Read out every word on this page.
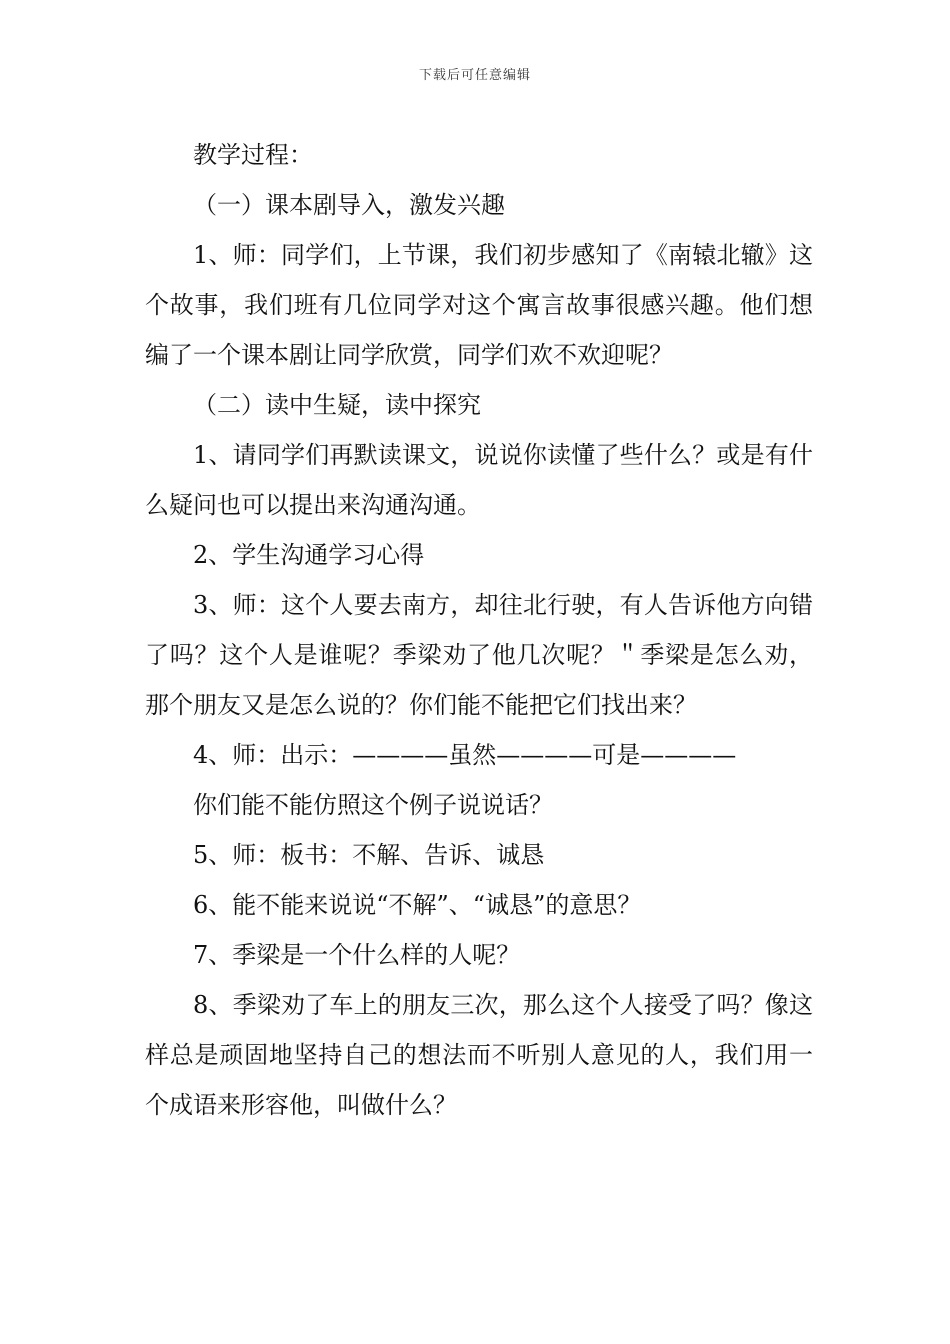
下载后可任意编辑

教学过程：

（一）课本剧导入，激发兴趣

1、师：同学们，上节课，我们初步感知了《南辕北辙》这个故事，我们班有几位同学对这个寓言故事很感兴趣。他们想编了一个课本剧让同学欣赏，同学们欢不欢迎呢？

（二）读中生疑，读中探究

1、请同学们再默读课文，说说你读懂了些什么？或是有什么疑问也可以提出来沟通沟通。

2、学生沟通学习心得

3、师：这个人要去南方，却往北行驶，有人告诉他方向错了吗？这个人是谁呢？季梁劝了他几次呢？＂季梁是怎么劝，那个朋友又是怎么说的？你们能不能把它们找出来？

4、师：出示：————虽然————可是————

你们能不能仿照这个例子说说话？

5、师：板书：不解、告诉、诚恳

6、能不能来说说“不解”、“诚恳”的意思？

7、季梁是一个什么样的人呢？

8、季梁劝了车上的朋友三次，那么这个人接受了吗？像这样总是顽固地坚持自己的想法而不听别人意见的人，我们用一个成语来形容他，叫做什么？
